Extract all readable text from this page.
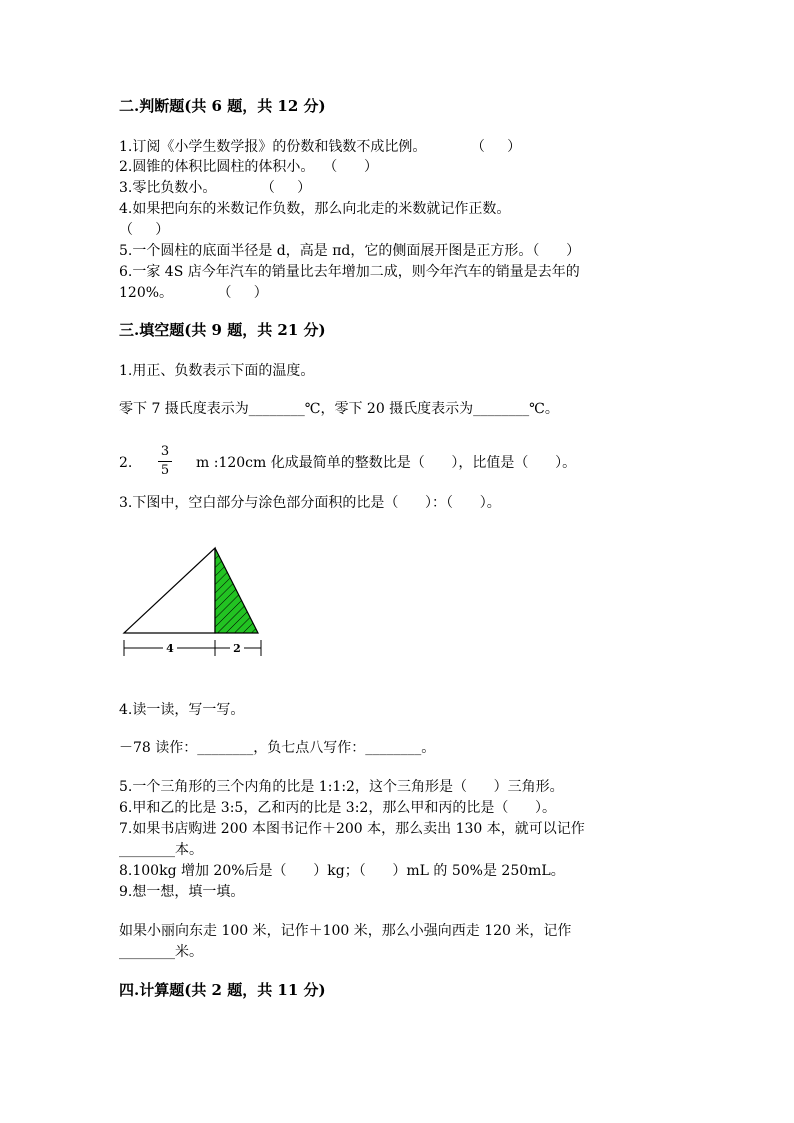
二.判断题(共 6 题，共 12 分)
1.订阅《小学生数学报》的份数和钱数不成比例。          （     ）
2.圆锥的体积比圆柱的体积小。  （      ）
3.零比负数小。          （     ）
4.如果把向东的米数记作负数，那么向北走的米数就记作正数。
（     ）
5.一个圆柱的底面半径是 d，高是 πd，它的侧面展开图是正方形。（      ）
6.一家 4S 店今年汽车的销量比去年增加二成，则今年汽车的销量是去年的
120%。          （     ）
三.填空题(共 9 题，共 21 分)
1.用正、负数表示下面的温度。
零下 7 摄氏度表示为________℃，零下 20 摄氏度表示为________℃。
2.
3
5 m :120cm 化成最简单的整数比是（      ），比值是（      ）。
3.下图中，空白部分与涂色部分面积的比是（      ）：（      ）。
4	2
4.读一读，写一写。
－78 读作：________，负七点八写作：________。
5.一个三角形的三个内角的比是 1:1:2，这个三角形是（      ）三角形。
6.甲和乙的比是 3:5，乙和丙的比是 3:2，那么甲和丙的比是（      ）。
7.如果书店购进 200 本图书记作＋200 本，那么卖出 130 本，就可以记作
________本。
8.100kg 增加 20%后是（      ）kg；（      ）mL 的 50%是 250mL。
9.想一想，填一填。
如果小丽向东走 100 米，记作＋100 米，那么小强向西走 120 米，记作
________米。
四.计算题(共 2 题，共 11 分)
